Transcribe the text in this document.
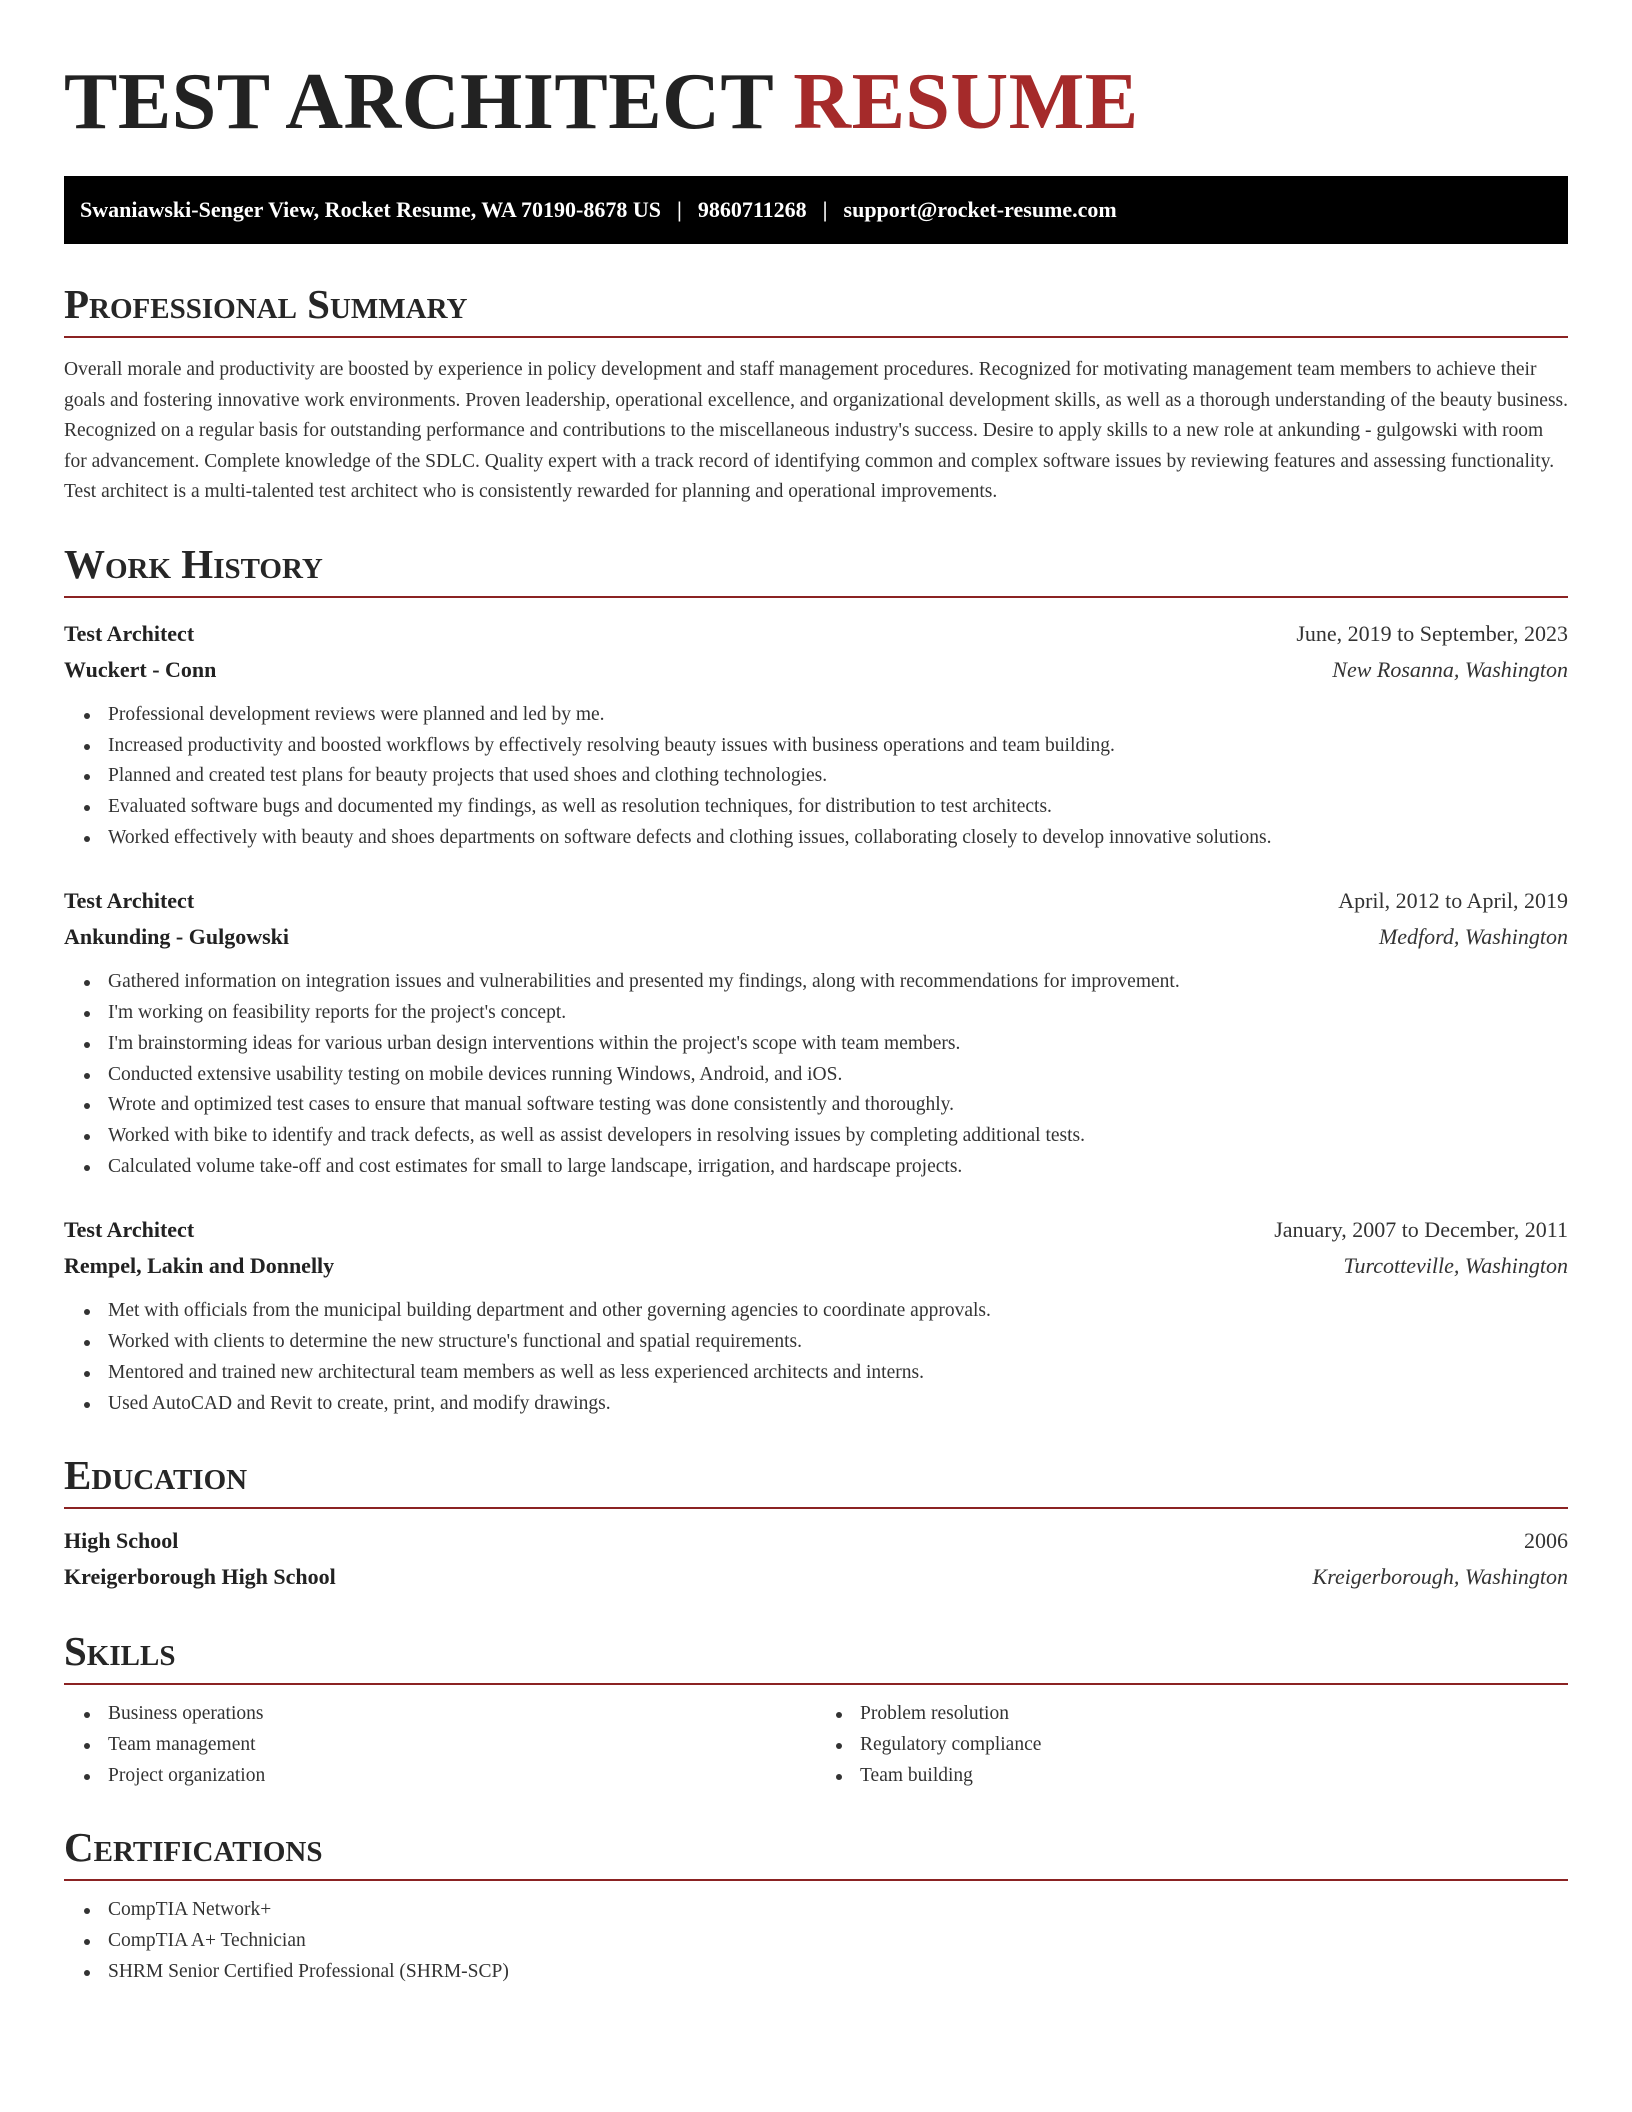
TEST ARCHITECT RESUME
Swaniawski-Senger View, Rocket Resume, WA 70190-8678 US | 9860711268 | support@rocket-resume.com
Professional Summary

Overall morale and productivity are boosted by experience in policy development and staff management procedures. Recognized for motivating management team members to achieve their goals and fostering innovative work environments. Proven leadership, operational excellence, and organizational development skills, as well as a thorough understanding of the beauty business. Recognized on a regular basis for outstanding performance and contributions to the miscellaneous industry's success. Desire to apply skills to a new role at ankunding - gulgowski with room for advancement. Complete knowledge of the SDLC. Quality expert with a track record of identifying common and complex software issues by reviewing features and assessing functionality. Test architect is a multi-talented test architect who is consistently rewarded for planning and operational improvements.

Work History
Test Architect	June, 2019 to September, 2023
Wuckert - Conn	New Rosanna, Washington
Professional development reviews were planned and led by me.
Increased productivity and boosted workflows by effectively resolving beauty issues with business operations and team building.
Planned and created test plans for beauty projects that used shoes and clothing technologies.
Evaluated software bugs and documented my findings, as well as resolution techniques, for distribution to test architects.
Worked effectively with beauty and shoes departments on software defects and clothing issues, collaborating closely to develop innovative solutions.
Test Architect	April, 2012 to April, 2019
Ankunding - Gulgowski	Medford, Washington
Gathered information on integration issues and vulnerabilities and presented my findings, along with recommendations for improvement.
I'm working on feasibility reports for the project's concept.
I'm brainstorming ideas for various urban design interventions within the project's scope with team members.
Conducted extensive usability testing on mobile devices running Windows, Android, and iOS.
Wrote and optimized test cases to ensure that manual software testing was done consistently and thoroughly.
Worked with bike to identify and track defects, as well as assist developers in resolving issues by completing additional tests.
Calculated volume take-off and cost estimates for small to large landscape, irrigation, and hardscape projects.
Test Architect	January, 2007 to December, 2011
Rempel, Lakin and Donnelly	Turcotteville, Washington
Met with officials from the municipal building department and other governing agencies to coordinate approvals.
Worked with clients to determine the new structure's functional and spatial requirements.
Mentored and trained new architectural team members as well as less experienced architects and interns.
Used AutoCAD and Revit to create, print, and modify drawings.
Education
High School	2006
Kreigerborough High School	Kreigerborough, Washington
Skills
Business operations
Team management
Project organization
Problem resolution
Regulatory compliance
Team building
Certifications
CompTIA Network+
CompTIA A+ Technician
SHRM Senior Certified Professional (SHRM-SCP)
